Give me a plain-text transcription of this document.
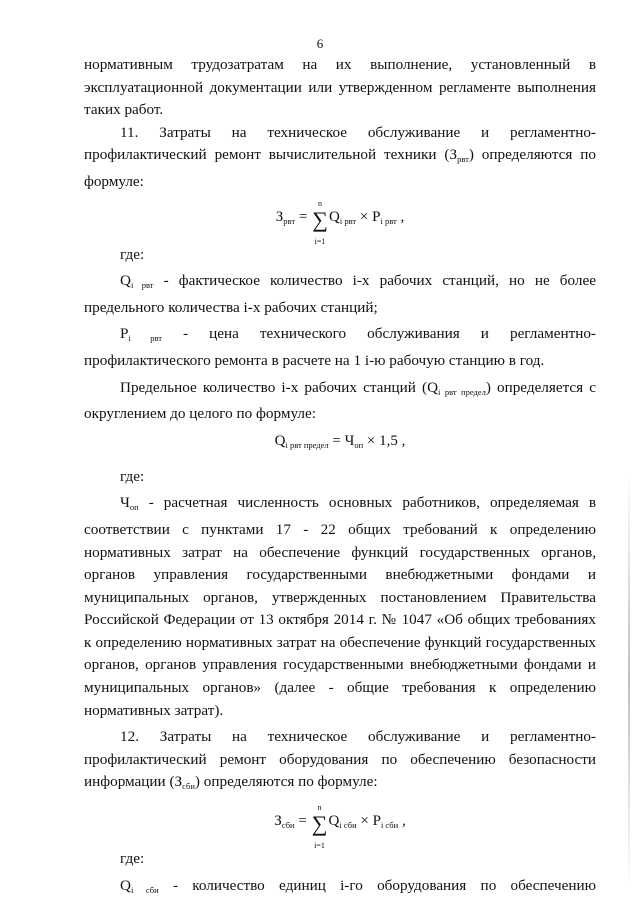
6

нормативным трудозатратам на их выполнение, установленный в эксплуатационной документации или утвержденном регламенте выполнения таких работ.

11. Затраты на техническое обслуживание и регламентно-профилактический ремонт вычислительной техники (Зрвт) определяются по формуле:

$З_{рвт}$ =
n
∑
i=1
$Q_{i рвт} \times P_{i рвт}$ ,

где:

Qi рвт - фактическое количество i-х рабочих станций, но не более предельного количества i-х рабочих станций;

Pi рвт - цена технического обслуживания и регламентно-профилактического ремонта в расчете на 1 i-ю рабочую станцию в год.

Предельное количество i-х рабочих станций (Qi рвт предел) определяется с округлением до целого по формуле:

$Q_{i рвт предел} = Ч_{оп} \times 1,5$ ,

где:

Чоп - расчетная численность основных работников, определяемая в соответствии с пунктами 17 - 22 общих требований к определению нормативных затрат на обеспечение функций государственных органов, органов управления государственными внебюджетными фондами и муниципальных органов, утвержденных постановлением Правительства Российской Федерации от 13 октября 2014 г. № 1047 «Об общих требованиях к определению нормативных затрат на обеспечение функций государственных органов, органов управления государственными внебюджетными фондами и муниципальных органов» (далее - общие требования к определению нормативных затрат).

12. Затраты на техническое обслуживание и регламентно-профилактический ремонт оборудования по обеспечению безопасности информации (Зсби) определяются по формуле:

$З_{сби}$ =
n
∑
i=1
$Q_{i сби} \times P_{i сби}$ ,

где:

Qi сби - количество единиц i-го оборудования по обеспечению
